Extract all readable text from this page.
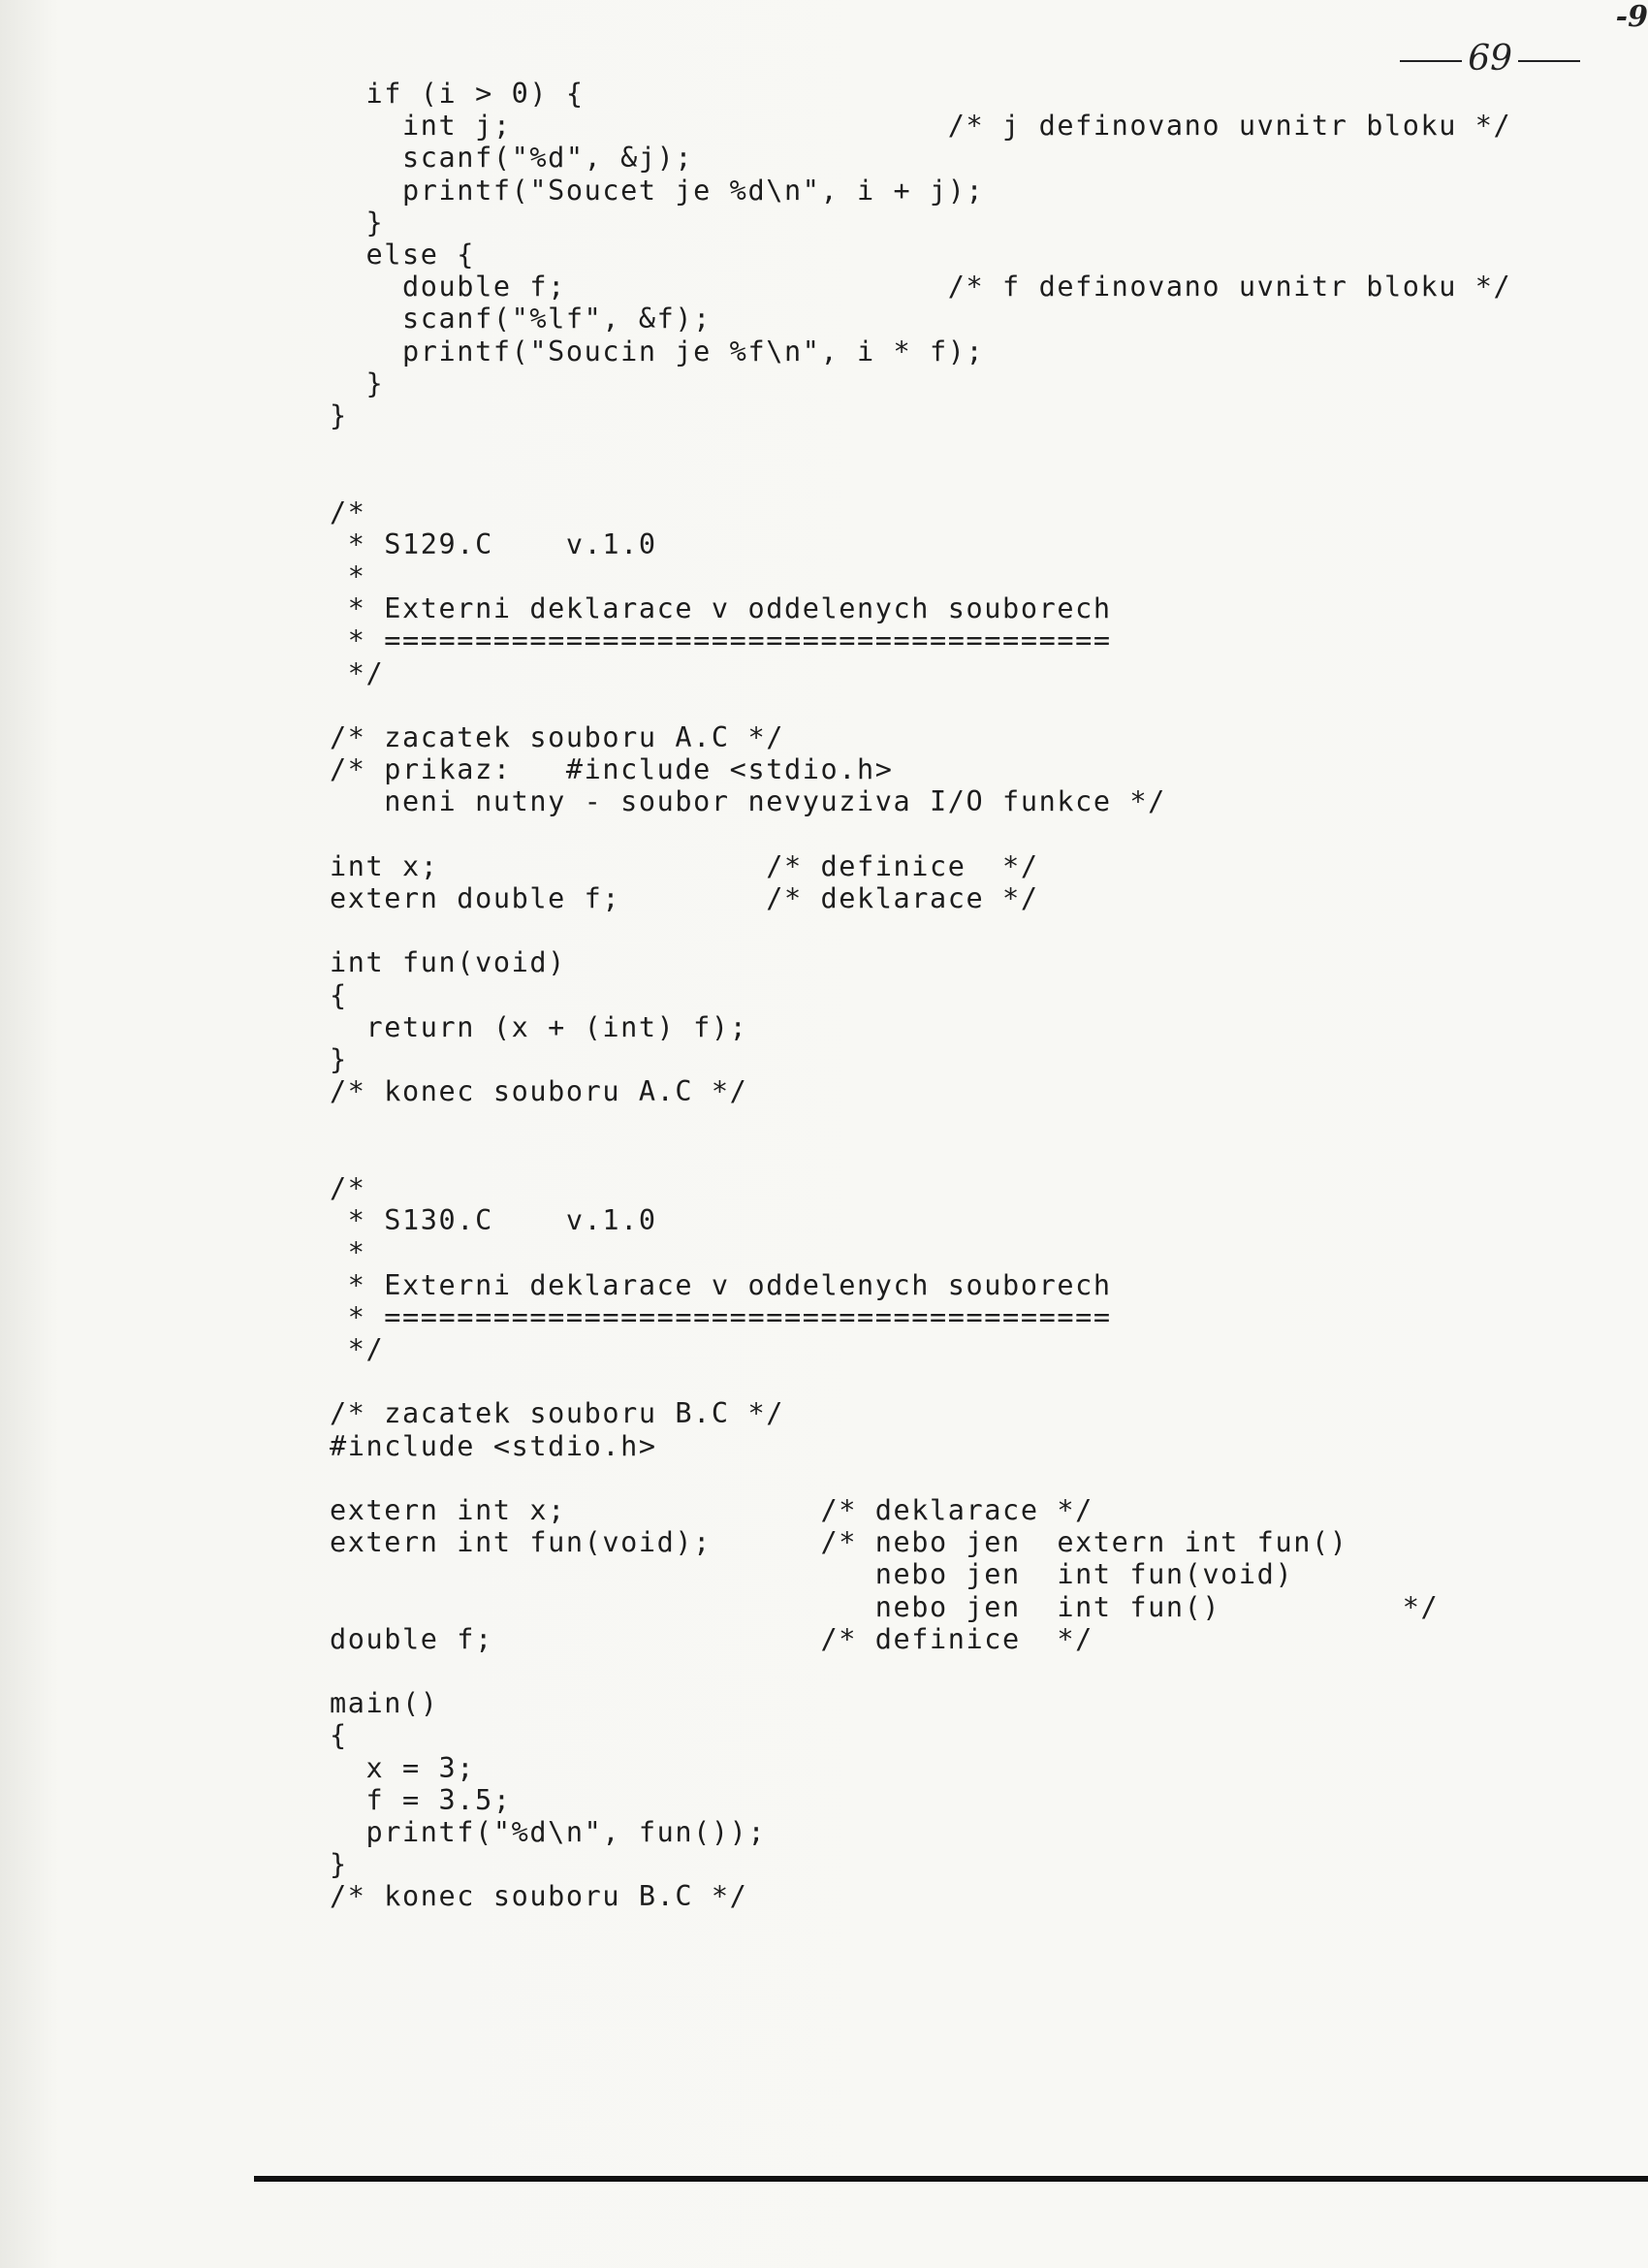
-9
69
if (i > 0) {
int j;                        /* j definovano uvnitr bloku */
scanf("%d", &j);
printf("Soucet je %d\n", i + j);
}
else {
double f;                     /* f definovano uvnitr bloku */
scanf("%lf", &f);
printf("Soucin je %f\n", i * f);
}
}

/*
* S129.C    v.1.0
*
* Externi deklarace v oddelenych souborech
* ========================================
*/

/* zacatek souboru A.C */
/* prikaz:   #include <stdio.h>
neni nutny - soubor nevyuziva I/O funkce */

int x;                  /* definice  */
extern double f;        /* deklarace */

int fun(void)
{
return (x + (int) f);
}
/* konec souboru A.C */

/*
* S130.C    v.1.0
*
* Externi deklarace v oddelenych souborech
* ========================================
*/

/* zacatek souboru B.C */
#include <stdio.h>

extern int x;              /* deklarace */
extern int fun(void);      /* nebo jen  extern int fun()
nebo jen  int fun(void)
nebo jen  int fun()          */
double f;                  /* definice  */

main()
{
x = 3;
f = 3.5;
printf("%d\n", fun());
}
/* konec souboru B.C */
